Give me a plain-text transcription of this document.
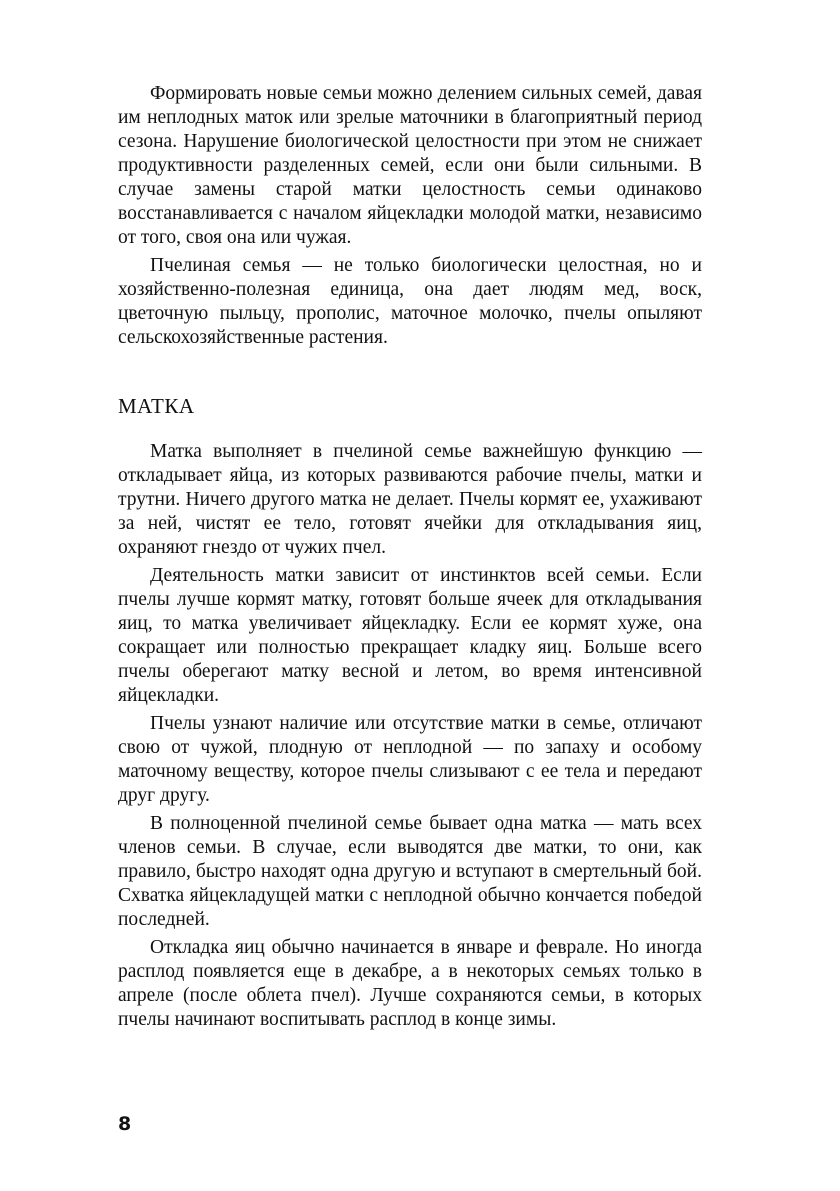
Формировать новые семьи можно делением сильных семей, давая им неплодных маток или зрелые маточники в благоприятный период сезона. Нарушение биологической целостности при этом не снижает продуктивности разделенных семей, если они были сильными. В случае замены старой матки целостность семьи одинаково восстанавливается с началом яйцекладки молодой матки, независимо от того, своя она или чужая.

Пчелиная семья — не только биологически целостная, но и хозяйственно-полезная единица, она дает людям мед, воск, цветочную пыльцу, прополис, маточное молочко, пчелы опыляют сельскохозяйственные растения.

МАТКА

Матка выполняет в пчелиной семье важнейшую функцию — откладывает яйца, из которых развиваются рабочие пчелы, матки и трутни. Ничего другого матка не делает. Пчелы кормят ее, ухаживают за ней, чистят ее тело, готовят ячейки для откладывания яиц, охраняют гнездо от чужих пчел.

Деятельность матки зависит от инстинктов всей семьи. Если пчелы лучше кормят матку, готовят больше ячеек для откладывания яиц, то матка увеличивает яйцекладку. Если ее кормят хуже, она сокращает или полностью прекращает кладку яиц. Больше всего пчелы оберегают матку весной и летом, во время интенсивной яйцекладки.

Пчелы узнают наличие или отсутствие матки в семье, отличают свою от чужой, плодную от неплодной — по запаху и особому маточному веществу, которое пчелы слизывают с ее тела и передают друг другу.

В полноценной пчелиной семье бывает одна матка — мать всех членов семьи. В случае, если выводятся две матки, то они, как правило, быстро находят одна другую и вступают в смертельный бой. Схватка яйцекладущей матки с неплодной обычно кончается победой последней.

Откладка яиц обычно начинается в январе и феврале. Но иногда расплод появляется еще в декабре, а в некоторых семьях только в апреле (после облета пчел). Лучше сохраняются семьи, в которых пчелы начинают воспитывать расплод в конце зимы.

8
